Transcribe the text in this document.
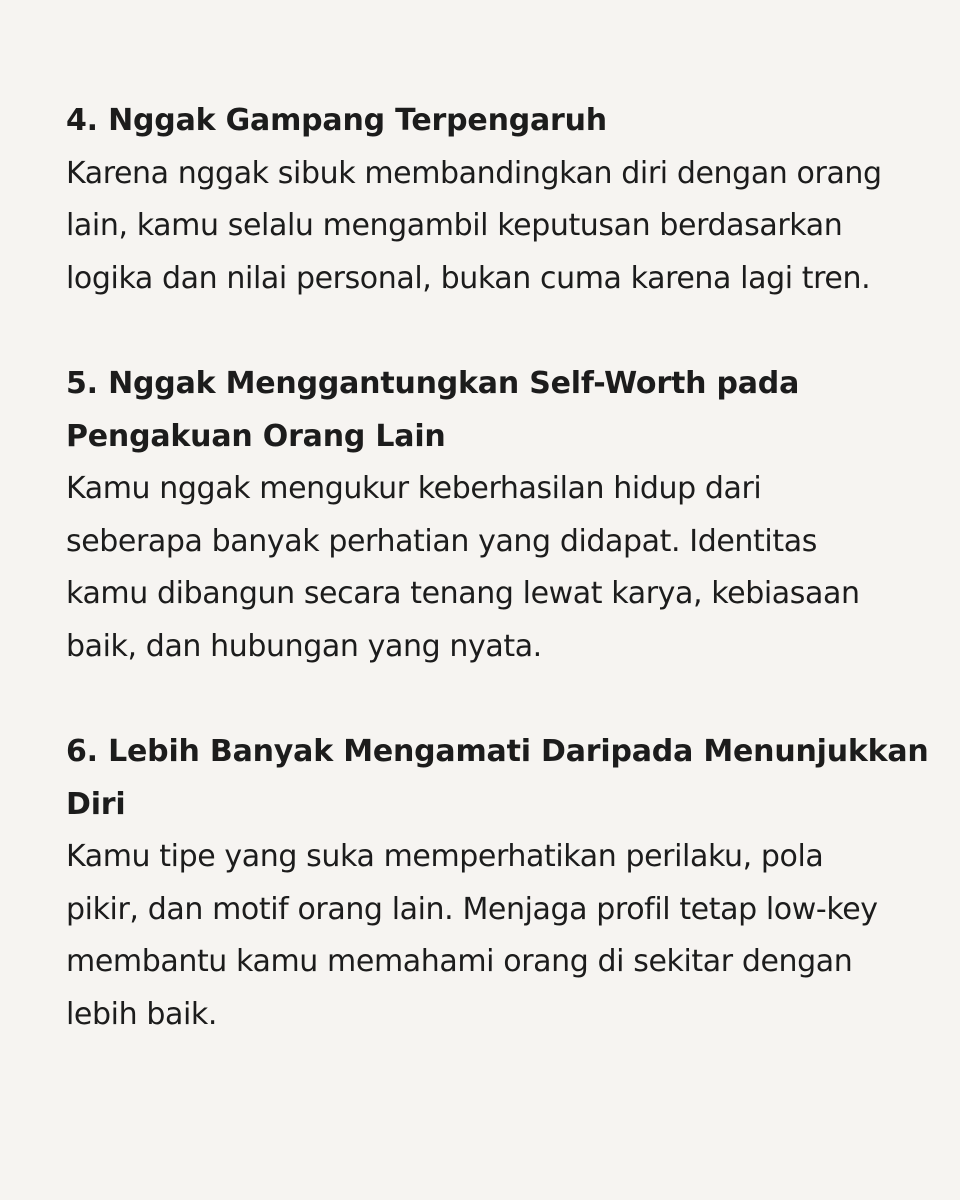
4. Nggak Gampang Terpengaruh

Karena nggak sibuk membandingkan diri dengan orang
lain, kamu selalu mengambil keputusan berdasarkan
logika dan nilai personal, bukan cuma karena lagi tren.

5. Nggak Menggantungkan Self-Worth pada
Pengakuan Orang Lain

Kamu nggak mengukur keberhasilan hidup dari
seberapa banyak perhatian yang didapat. Identitas
kamu dibangun secara tenang lewat karya, kebiasaan
baik, dan hubungan yang nyata.

6. Lebih Banyak Mengamati Daripada Menunjukkan
Diri

Kamu tipe yang suka memperhatikan perilaku, pola
pikir, dan motif orang lain. Menjaga profil tetap low-key
membantu kamu memahami orang di sekitar dengan
lebih baik.
